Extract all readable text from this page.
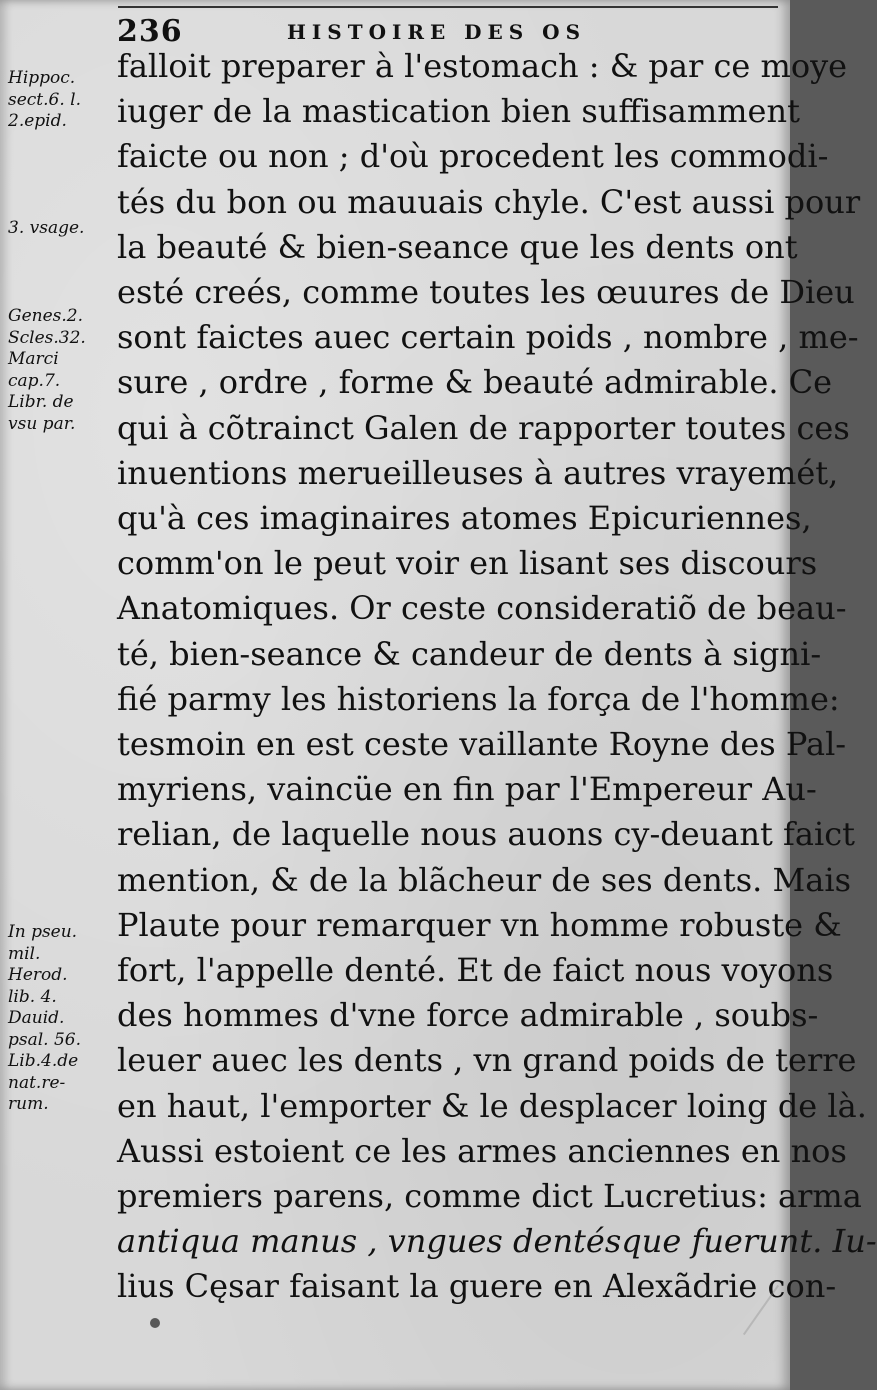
236	HISTOIRE DES OS
Hippoc.
sect.6. l.
2.epid.
3. vsage.
Genes.2.
Scles.32.
Marci
cap.7.
Libr. de
vsu par.
In pseu.
mil.
Herod.
lib. 4.
Dauid.
psal. 56.
Lib.4.de
nat.re-
rum.
falloit preparer à l'estomach : & par ce moye
iuger de la mastication bien suffisamment
faicte ou non ; d'où procedent les commodi-
tés du bon ou mauuais chyle. C'est aussi pour
la beauté & bien-seance que les dents ont
esté creés, comme toutes les œuures de Dieu
sont faictes auec certain poids , nombre , me-
sure , ordre , forme & beauté admirable. Ce
qui à cõtrainct Galen de rapporter toutes ces
inuentions merueilleuses à autres vrayemét,
qu'à ces imaginaires atomes Epicuriennes,
comm'on le peut voir en lisant ses discours
Anatomiques. Or ceste consideratiõ de beau-
té, bien-seance & candeur de dents à signi-
fié parmy les historiens la força de l'homme:
tesmoin en est ceste vaillante Royne des Pal-
myriens, vaincüe en fin par l'Empereur Au-
relian, de laquelle nous auons cy-deuant faict
mention, & de la blãcheur de ses dents. Mais
Plaute pour remarquer vn homme robuste &
fort, l'appelle denté. Et de faict nous voyons
des hommes d'vne force admirable , soubs-
leuer auec les dents , vn grand poids de terre
en haut, l'emporter & le desplacer loing de là.
Aussi estoient ce les armes anciennes en nos
premiers parens, comme dict Lucretius: arma
antiqua manus , vngues dentésque fuerunt. Iu-
lius Cęsar faisant la guere en Alexãdrie con-
